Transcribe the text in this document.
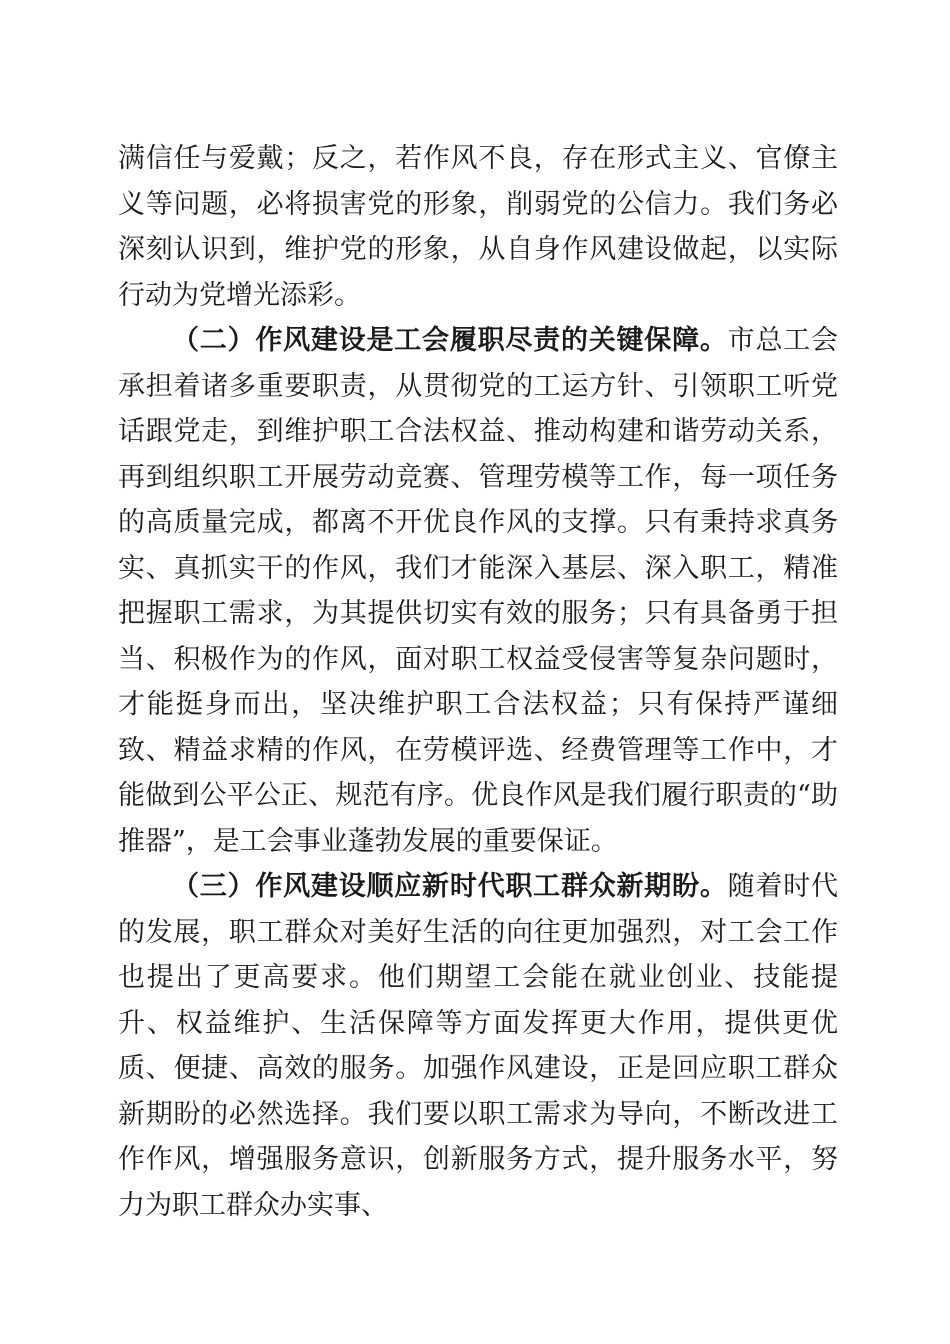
满信任与爱戴；反之，若作风不良，存在形式主义、官僚主义等问题，必将损害党的形象，削弱党的公信力。我们务必深刻认识到，维护党的形象，从自身作风建设做起，以实际行动为党增光添彩。

（二）作风建设是工会履职尽责的关键保障。市总工会承担着诸多重要职责，从贯彻党的工运方针、引领职工听党话跟党走，到维护职工合法权益、推动构建和谐劳动关系，再到组织职工开展劳动竞赛、管理劳模等工作，每一项任务的高质量完成，都离不开优良作风的支撑。只有秉持求真务实、真抓实干的作风，我们才能深入基层、深入职工，精准把握职工需求，为其提供切实有效的服务；只有具备勇于担当、积极作为的作风，面对职工权益受侵害等复杂问题时，才能挺身而出，坚决维护职工合法权益；只有保持严谨细致、精益求精的作风，在劳模评选、经费管理等工作中，才能做到公平公正、规范有序。优良作风是我们履行职责的“助推器”，是工会事业蓬勃发展的重要保证。

（三）作风建设顺应新时代职工群众新期盼。随着时代的发展，职工群众对美好生活的向往更加强烈，对工会工作也提出了更高要求。他们期望工会能在就业创业、技能提升、权益维护、生活保障等方面发挥更大作用，提供更优质、便捷、高效的服务。加强作风建设，正是回应职工群众新期盼的必然选择。我们要以职工需求为导向，不断改进工作作风，增强服务意识，创新服务方式，提升服务水平，努力为职工群众办实事、
